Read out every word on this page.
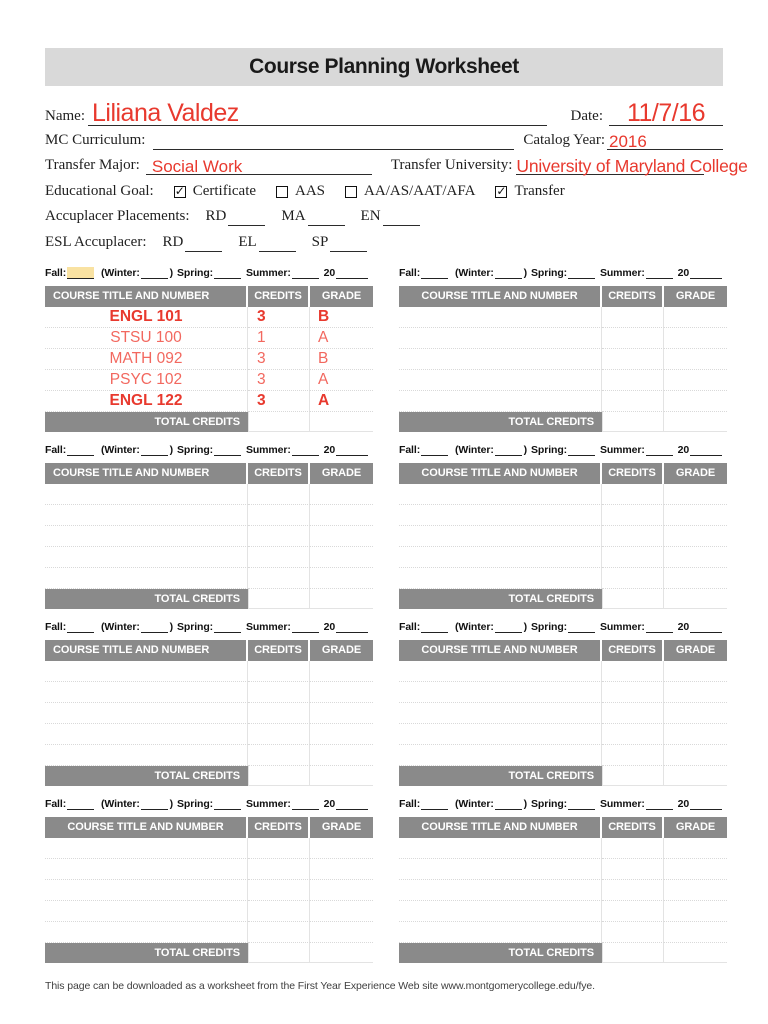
Course Planning Worksheet
Name: Liliana Valdez	Date: 11/7/16
MC Curriculum:	Catalog Year: 2016
Transfer Major: Social Work	Transfer University: University of Maryland College
Educational Goal: ✓ Certificate	AAS	AA/AS/AAT/AFA ✓ Transfer
Accuplacer Placements: RD	MA	EN
ESL Accuplacer: RD	EL	SP
Fall:	(Winter:	) Spring:	Summer:	20
COURSE TITLE AND NUMBER	CREDITS	GRADE
ENGL 101	3	B
STSU 100	1	A
MATH 092	3	B
PSYC 102	3	A
ENGL 122	3	A
TOTAL CREDITS
Fall:	(Winter:	) Spring:	Summer:	20
COURSE TITLE AND NUMBER	CREDITS	GRADE
TOTAL CREDITS
Fall:	(Winter:	) Spring:	Summer:	20
COURSE TITLE AND NUMBER	CREDITS	GRADE
TOTAL CREDITS
Fall:	(Winter:	) Spring:	Summer:	20
COURSE TITLE AND NUMBER	CREDITS	GRADE
TOTAL CREDITS
Fall:	(Winter:	) Spring:	Summer:	20
COURSE TITLE AND NUMBER	CREDITS	GRADE
TOTAL CREDITS
Fall:	(Winter:	) Spring:	Summer:	20
COURSE TITLE AND NUMBER	CREDITS	GRADE
TOTAL CREDITS
Fall:	(Winter:	) Spring:	Summer:	20
COURSE TITLE AND NUMBER	CREDITS	GRADE
TOTAL CREDITS
Fall:	(Winter:	) Spring:	Summer:	20
COURSE TITLE AND NUMBER	CREDITS	GRADE
TOTAL CREDITS
This page can be downloaded as a worksheet from the First Year Experience Web site www.montgomerycollege.edu/fye.
